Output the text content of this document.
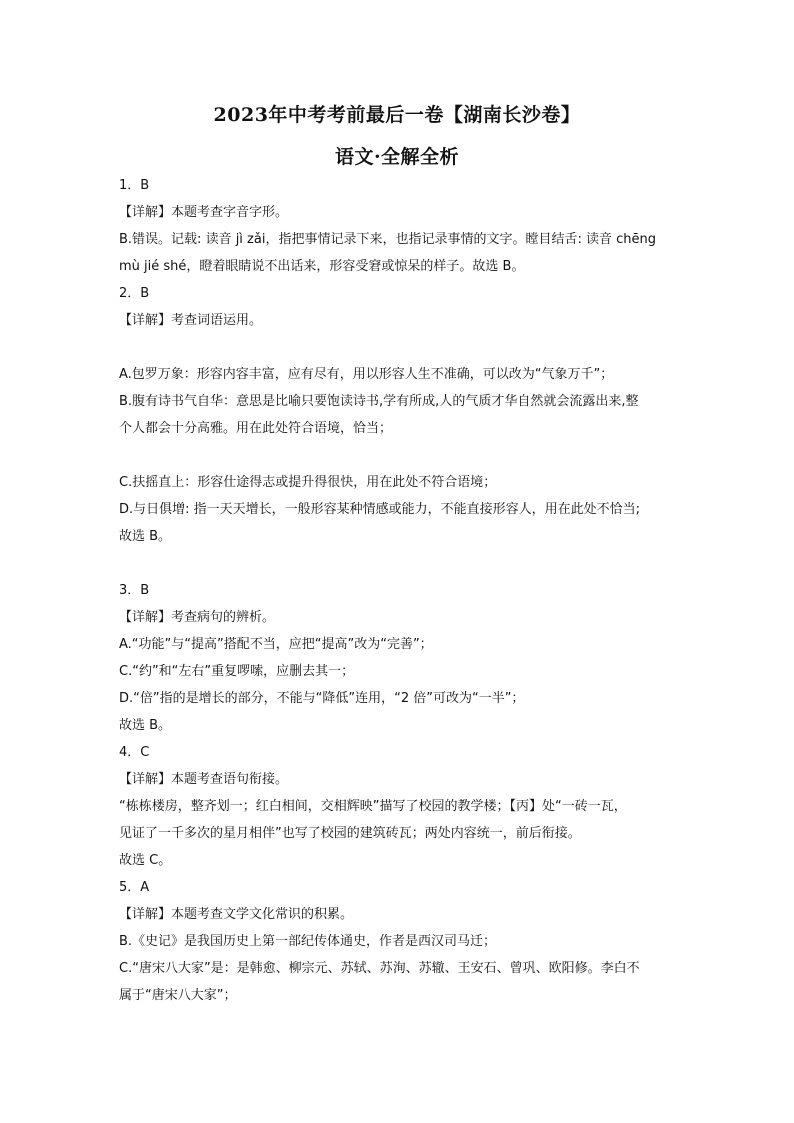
2023年中考考前最后一卷【湖南长沙卷】
语文·全解全析
1．B
【详解】本题考查字音字形。
B.错误。记载: 读音 jì zǎi，指把事情记录下来，也指记录事情的文字。瞠目结舌: 读音 chēng
mù jié shé，瞪着眼睛说不出话来，形容受窘或惊呆的样子。故选 B。
2．B
【详解】考查词语运用。
A.包罗万象：形容内容丰富，应有尽有，用以形容人生不准确，可以改为“气象万千”；
B.腹有诗书气自华：意思是比喻只要饱读诗书,学有所成,人的气质才华自然就会流露出来,整
个人都会十分高雅。用在此处符合语境，恰当；
C.扶摇直上：形容仕途得志或提升得很快，用在此处不符合语境；
D.与日俱增: 指一天天增长，一般形容某种情感或能力，不能直接形容人，用在此处不恰当;
故选 B。
3．B
【详解】考查病句的辨析。
A.“功能”与“提高”搭配不当，应把“提高”改为“完善”；
C.“约”和“左右”重复啰嗦，应删去其一；
D.“倍”指的是增长的部分，不能与“降低”连用，“2 倍”可改为“一半”；
故选 B。
4．C
【详解】本题考查语句衔接。
“栋栋楼房，整齐划一；红白相间，交相辉映”描写了校园的教学楼；【丙】处“一砖一瓦，
见证了一千多次的星月相伴”也写了校园的建筑砖瓦；两处内容统一，前后衔接。
故选 C。
5．A
【详解】本题考查文学文化常识的积累。
B.《史记》是我国历史上第一部纪传体通史，作者是西汉司马迁；
C.“唐宋八大家”是：是韩愈、柳宗元、苏轼、苏洵、苏辙、王安石、曾巩、欧阳修。李白不
属于“唐宋八大家”；
